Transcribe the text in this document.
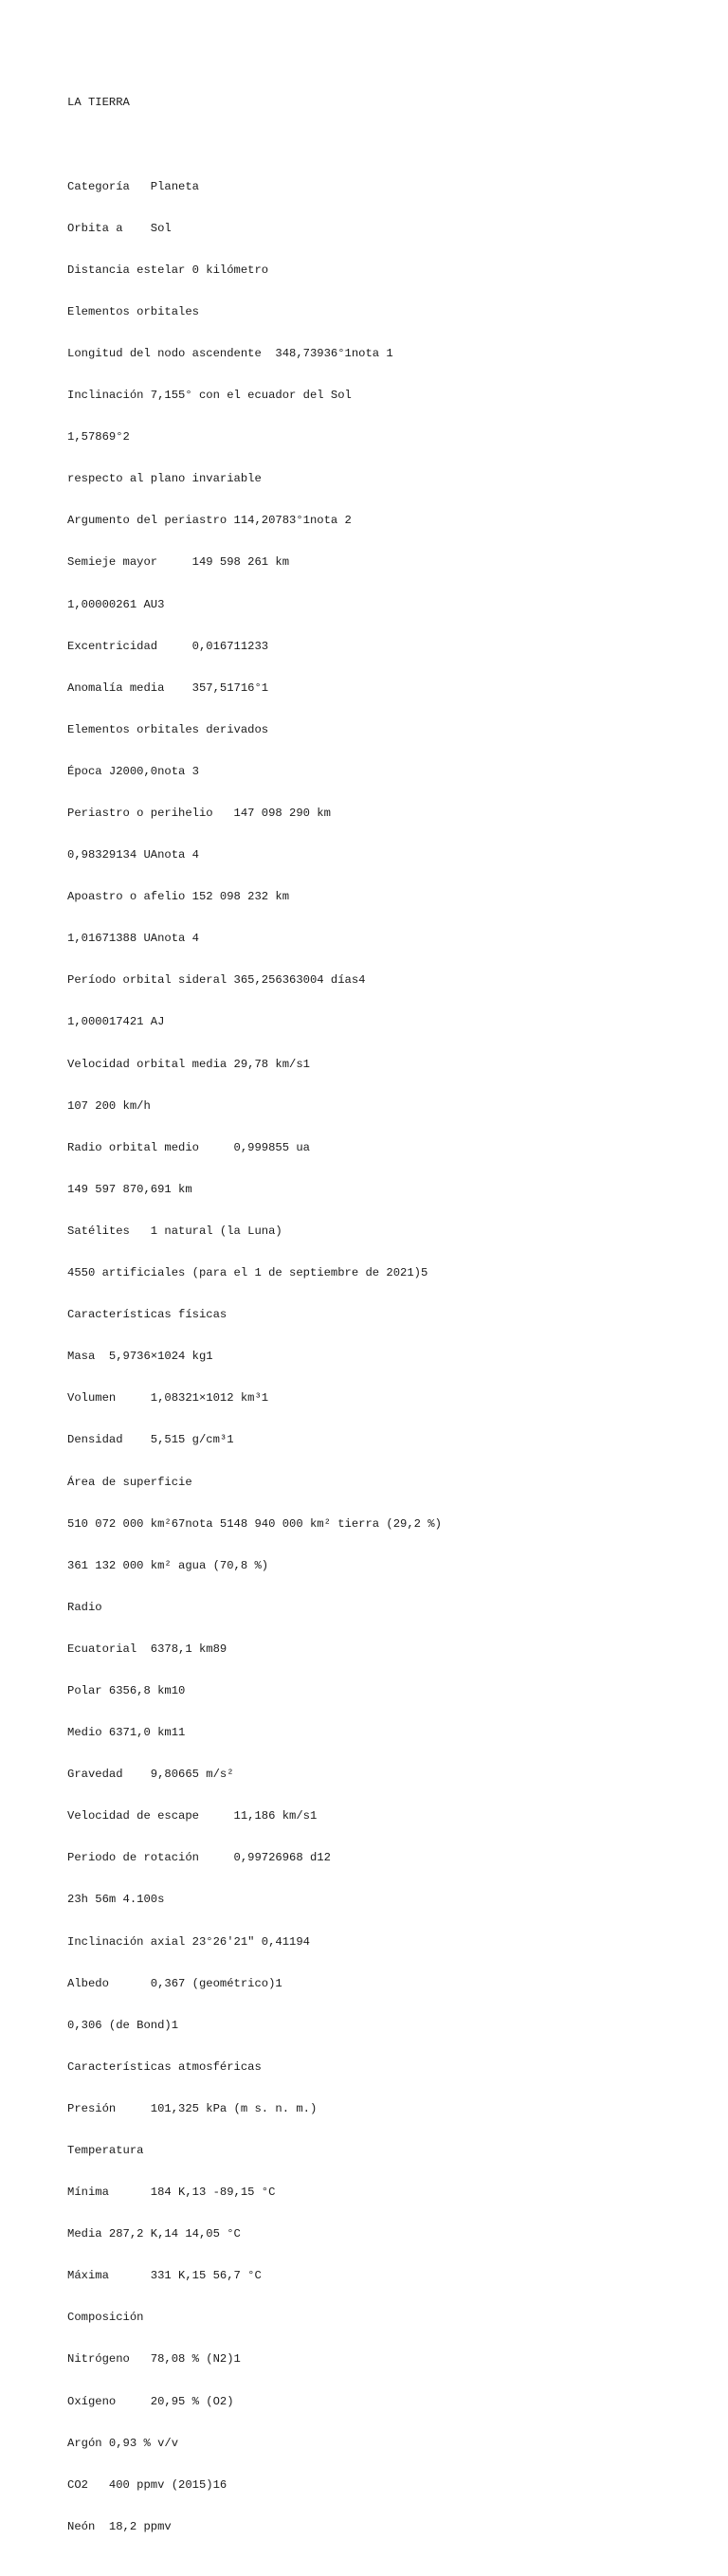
LA TIERRA

Categoría   Planeta

Orbita a    Sol

Distancia estelar 0 kilómetro

Elementos orbitales

Longitud del nodo ascendente  348,73936°1nota 1

Inclinación 7,155° con el ecuador del Sol

1,57869°2

respecto al plano invariable

Argumento del periastro 114,20783°1nota 2

Semieje mayor     149 598 261 km

1,00000261 AU3

Excentricidad     0,016711233

Anomalía media    357,51716°1

Elementos orbitales derivados

Época J2000,0nota 3

Periastro o perihelio   147 098 290 km

0,98329134 UAnota 4

Apoastro o afelio 152 098 232 km

1,01671388 UAnota 4

Período orbital sideral 365,256363004 días4

1,000017421 AJ

Velocidad orbital media 29,78 km/s1

107 200 km/h

Radio orbital medio     0,999855 ua

149 597 870,691 km

Satélites   1 natural (la Luna)

4550 artificiales (para el 1 de septiembre de 2021)5

Características físicas

Masa  5,9736×1024 kg1

Volumen     1,08321×1012 km³1

Densidad    5,515 g/cm³1

Área de superficie

510 072 000 km²67nota 5148 940 000 km² tierra (29,2 %)

361 132 000 km² agua (70,8 %)

Radio

Ecuatorial  6378,1 km89

Polar 6356,8 km10

Medio 6371,0 km11

Gravedad    9,80665 m/s²

Velocidad de escape     11,186 km/s1

Periodo de rotación     0,99726968 d12

23h 56m 4.100s

Inclinación axial 23°26'21" 0,41194

Albedo      0,367 (geométrico)1

0,306 (de Bond)1

Características atmosféricas

Presión     101,325 kPa (m s. n. m.)

Temperatura

Mínima      184 K,13 -89,15 °C

Media 287,2 K,14 14,05 °C

Máxima      331 K,15 56,7 °C

Composición

Nitrógeno   78,08 % (N2)1

Oxígeno     20,95 % (O2)

Argón 0,93 % v/v

CO2   400 ppmv (2015)16

Neón  18,2 ppmv
